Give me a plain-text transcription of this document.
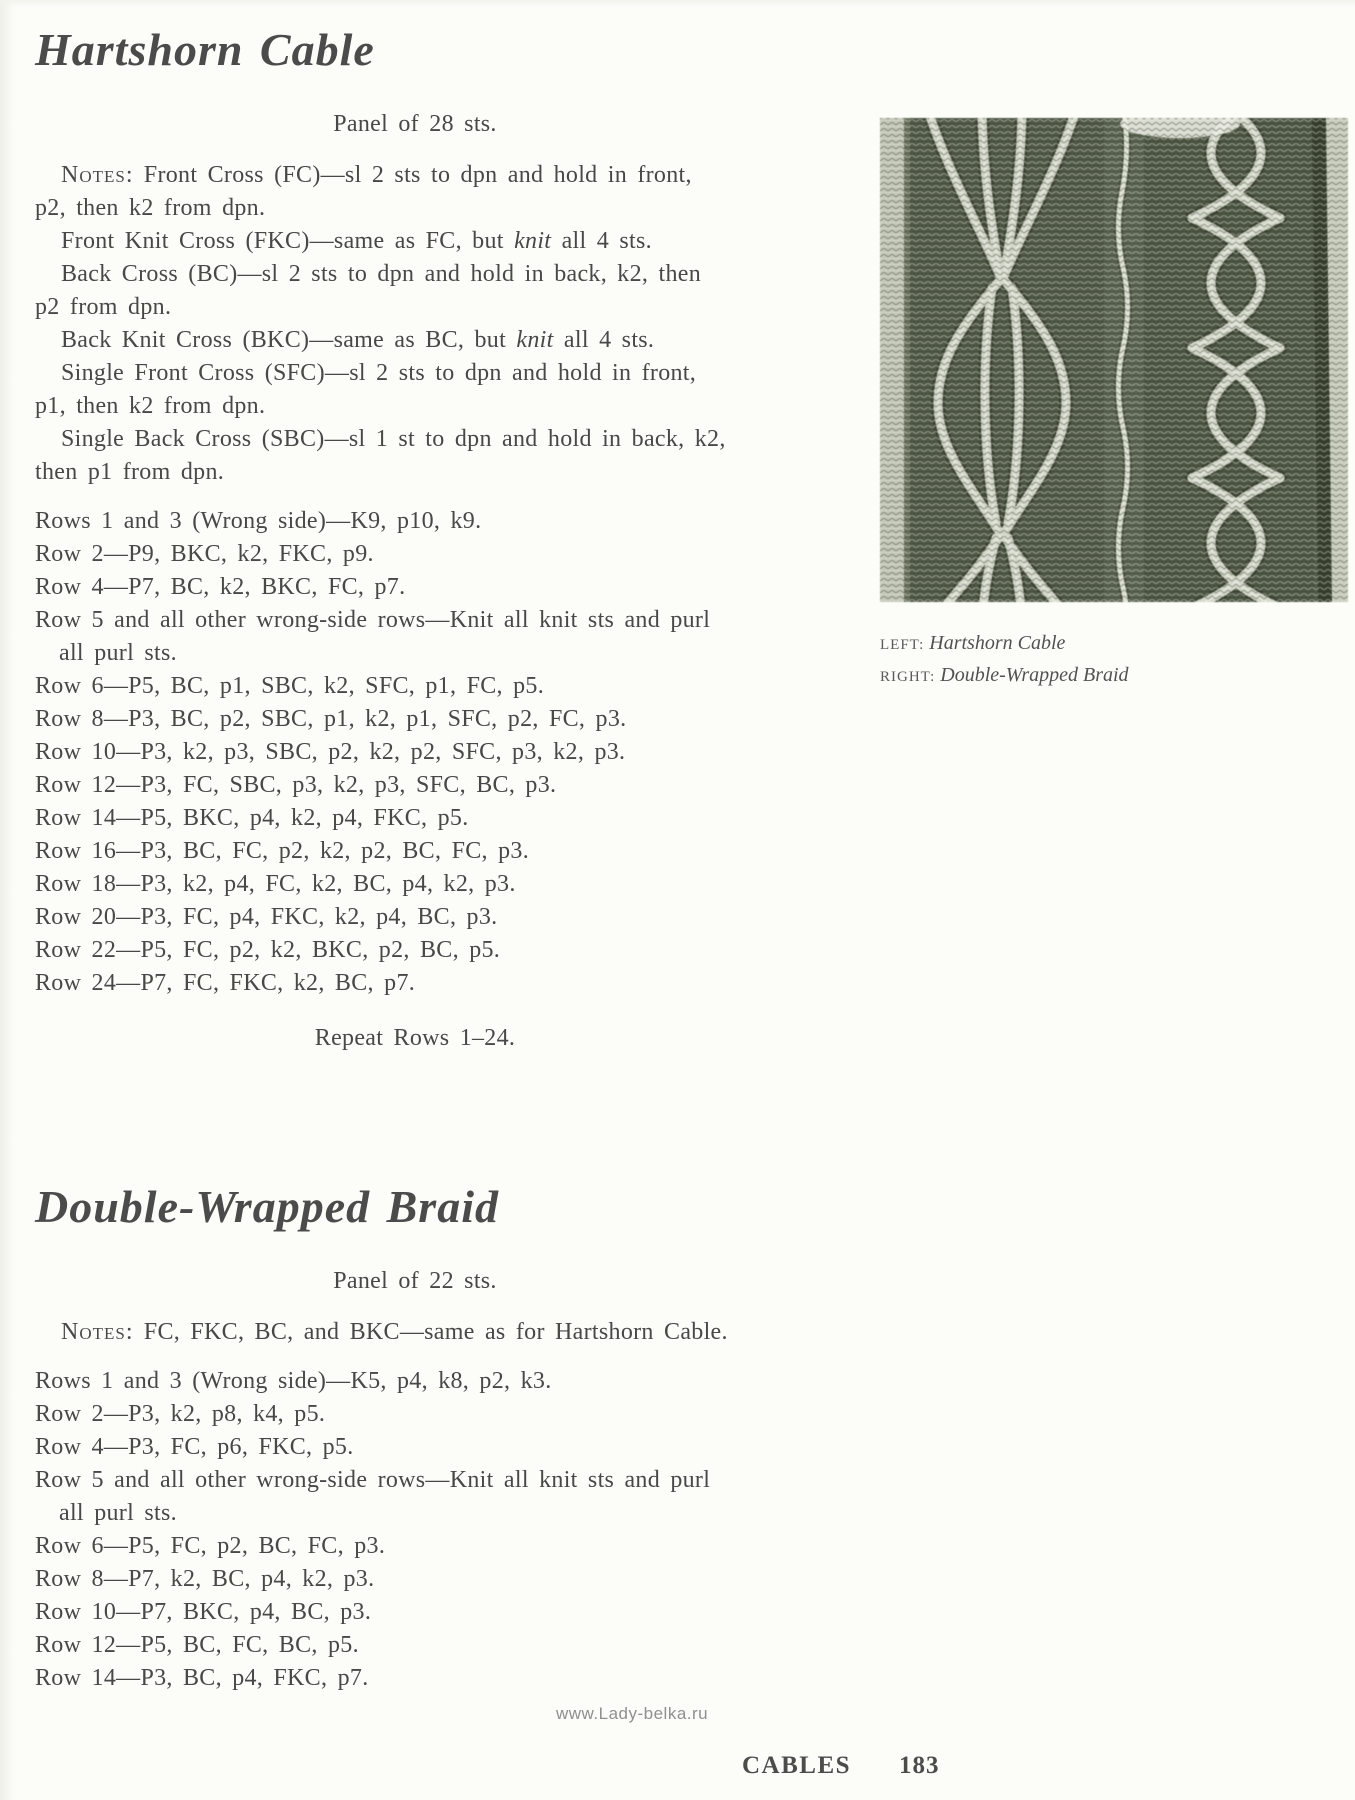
Hartshorn Cable

Panel of 28 sts.

Notes: Front Cross (FC)—sl 2 sts to dpn and hold in front,
p2, then k2 from dpn.

Front Knit Cross (FKC)—same as FC, but knit all 4 sts.

Back Cross (BC)—sl 2 sts to dpn and hold in back, k2, then
p2 from dpn.

Back Knit Cross (BKC)—same as BC, but knit all 4 sts.

Single Front Cross (SFC)—sl 2 sts to dpn and hold in front,
p1, then k2 from dpn.

Single Back Cross (SBC)—sl 1 st to dpn and hold in back, k2,
then p1 from dpn.

Rows 1 and 3 (Wrong side)—K9, p10, k9.

Row 2—P9, BKC, k2, FKC, p9.

Row 4—P7, BC, k2, BKC, FC, p7.

Row 5 and all other wrong-side rows—Knit all knit sts and purl
all purl sts.

Row 6—P5, BC, p1, SBC, k2, SFC, p1, FC, p5.

Row 8—P3, BC, p2, SBC, p1, k2, p1, SFC, p2, FC, p3.

Row 10—P3, k2, p3, SBC, p2, k2, p2, SFC, p3, k2, p3.

Row 12—P3, FC, SBC, p3, k2, p3, SFC, BC, p3.

Row 14—P5, BKC, p4, k2, p4, FKC, p5.

Row 16—P3, BC, FC, p2, k2, p2, BC, FC, p3.

Row 18—P3, k2, p4, FC, k2, BC, p4, k2, p3.

Row 20—P3, FC, p4, FKC, k2, p4, BC, p3.

Row 22—P5, FC, p2, k2, BKC, p2, BC, p5.

Row 24—P7, FC, FKC, k2, BC, p7.

Repeat Rows 1–24.

LEFT: Hartshorn Cable
RIGHT: Double-Wrapped Braid
Double-Wrapped Braid

Panel of 22 sts.

Notes: FC, FKC, BC, and BKC—same as for Hartshorn Cable.

Rows 1 and 3 (Wrong side)—K5, p4, k8, p2, k3.

Row 2—P3, k2, p8, k4, p5.

Row 4—P3, FC, p6, FKC, p5.

Row 5 and all other wrong-side rows—Knit all knit sts and purl
all purl sts.

Row 6—P5, FC, p2, BC, FC, p3.

Row 8—P7, k2, BC, p4, k2, p3.

Row 10—P7, BKC, p4, BC, p3.

Row 12—P5, BC, FC, BC, p5.

Row 14—P3, BC, p4, FKC, p7.

www.Lady-belka.ru
CABLES 183
